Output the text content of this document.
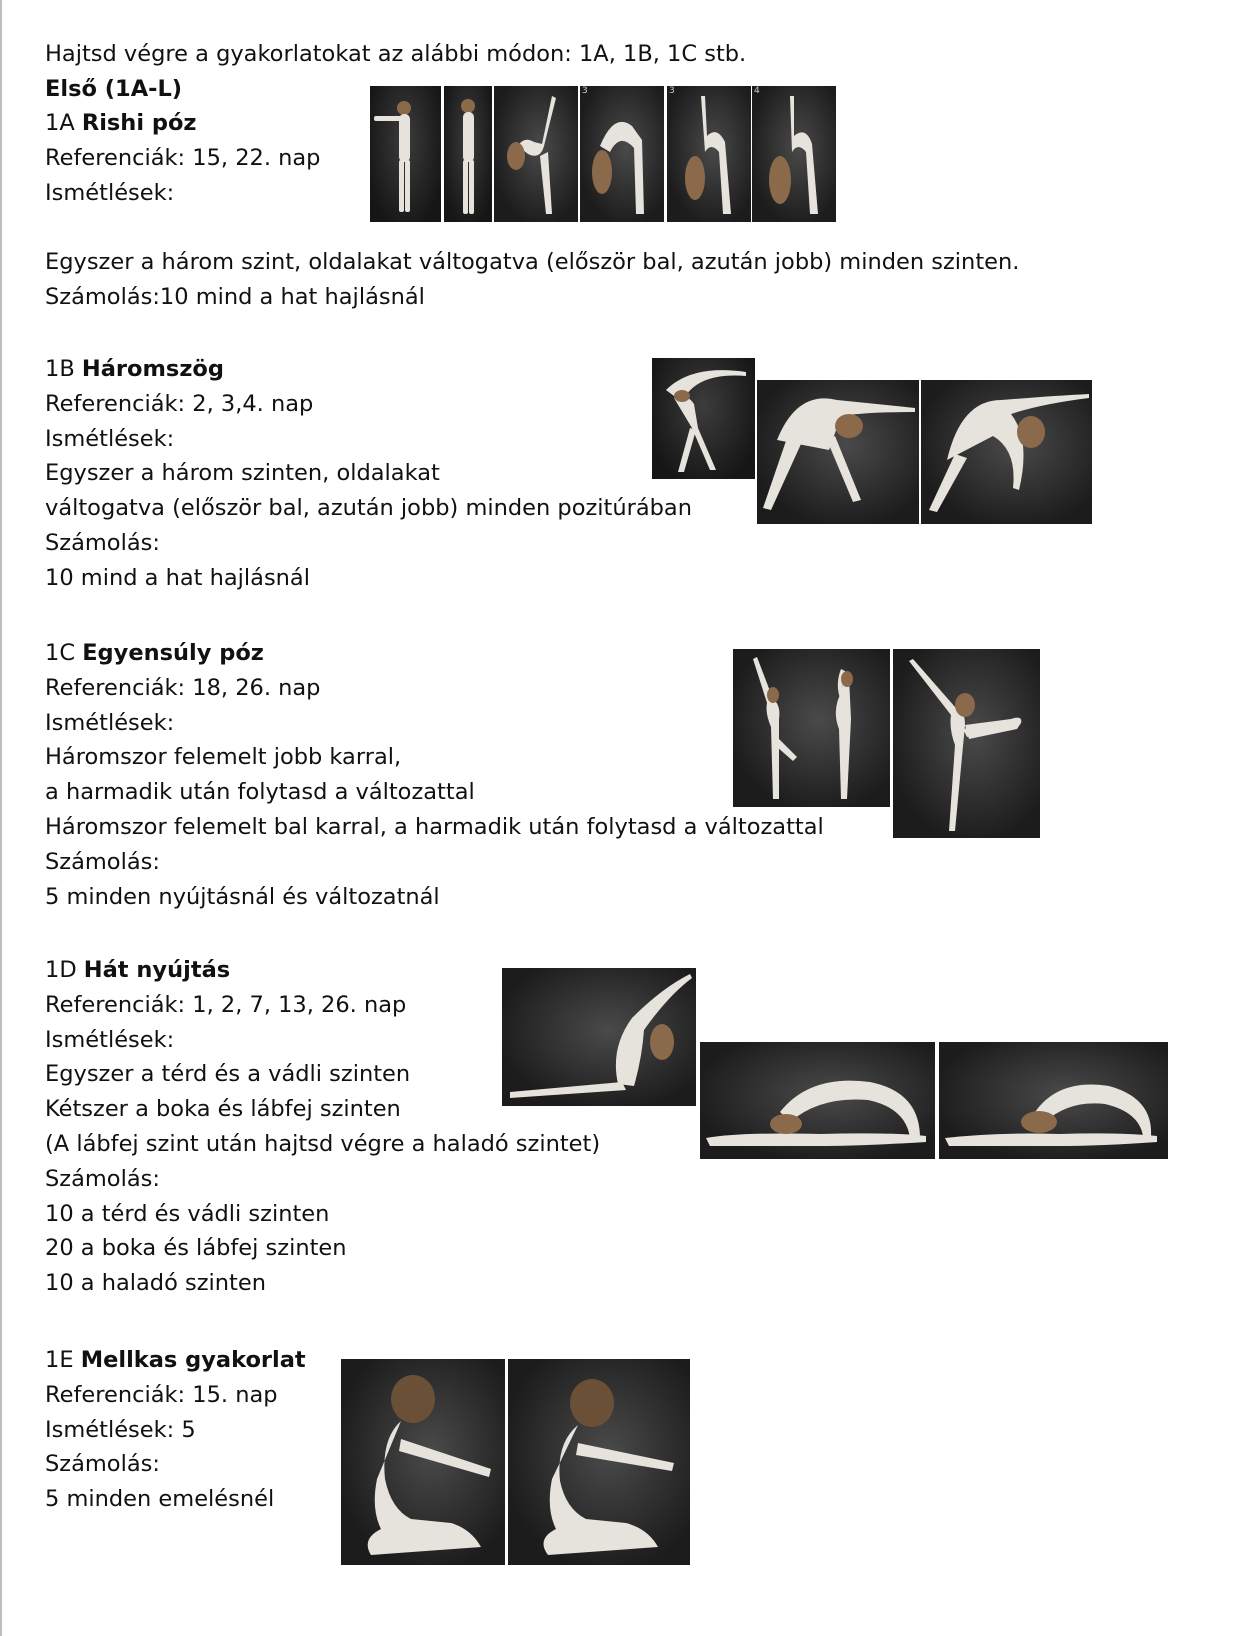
Hajtsd végre a gyakorlatokat az alábbi módon: 1A, 1B, 1C stb.
Első (1A-L)
1A Rishi póz
Referenciák: 15, 22. nap
Ismétlések:
Egyszer a három szint, oldalakat váltogatva (először bal, azután jobb) minden szinten.
Számolás:10 mind a hat hajlásnál
1B Háromszög
Referenciák: 2, 3,4. nap
Ismétlések:
Egyszer a három szinten, oldalakat
váltogatva (először bal, azután jobb) minden pozitúrában
Számolás:
10 mind a hat hajlásnál
1C Egyensúly póz
Referenciák: 18, 26. nap
Ismétlések:
Háromszor felemelt jobb karral,
a harmadik után folytasd a változattal
Háromszor felemelt bal karral, a harmadik után folytasd a változattal
Számolás:
5 minden nyújtásnál és változatnál
1D Hát nyújtás
Referenciák: 1, 2, 7, 13, 26. nap
Ismétlések:
Egyszer a térd és a vádli szinten
Kétszer a boka és lábfej szinten
(A lábfej szint után hajtsd végre a haladó szintet)
Számolás:
10 a térd és vádli szinten
20 a boka és lábfej szinten
10 a haladó szinten
1E Mellkas gyakorlat
Referenciák: 15. nap
Ismétlések: 5
Számolás:
5 minden emelésnél
3	3	4
